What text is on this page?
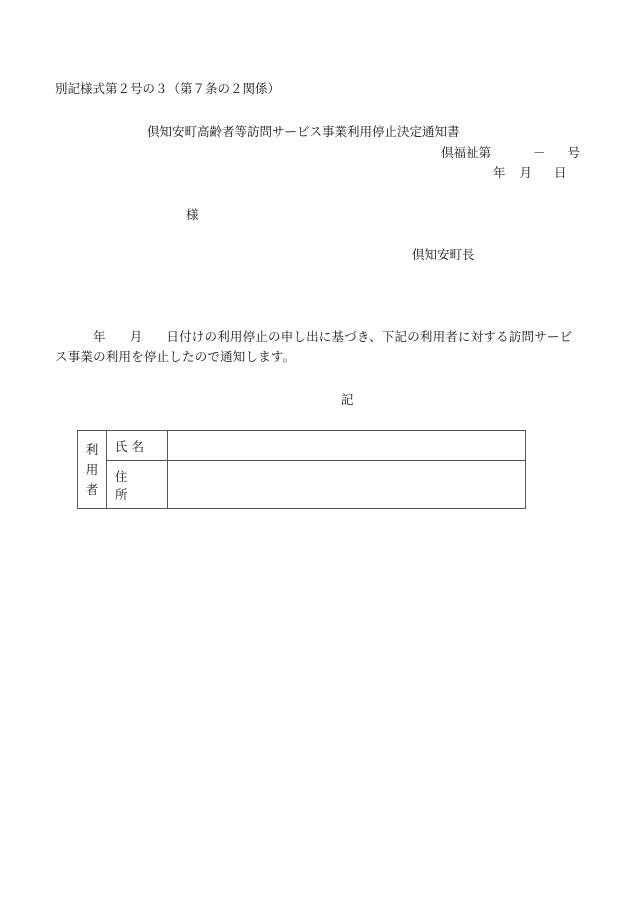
別記様式第２号の３（第７条の２関係）
倶知安町高齢者等訪問サービス事業利用停止決定通知書
倶福祉第	－ 号
年 月 日
様
倶知安町長
年 月 日付けの利用停止の申し出に基づき、下記の利用者に対する訪問サービス事業の利用を停止したので通知します。
記
利
用
者	氏名	
	住所	
